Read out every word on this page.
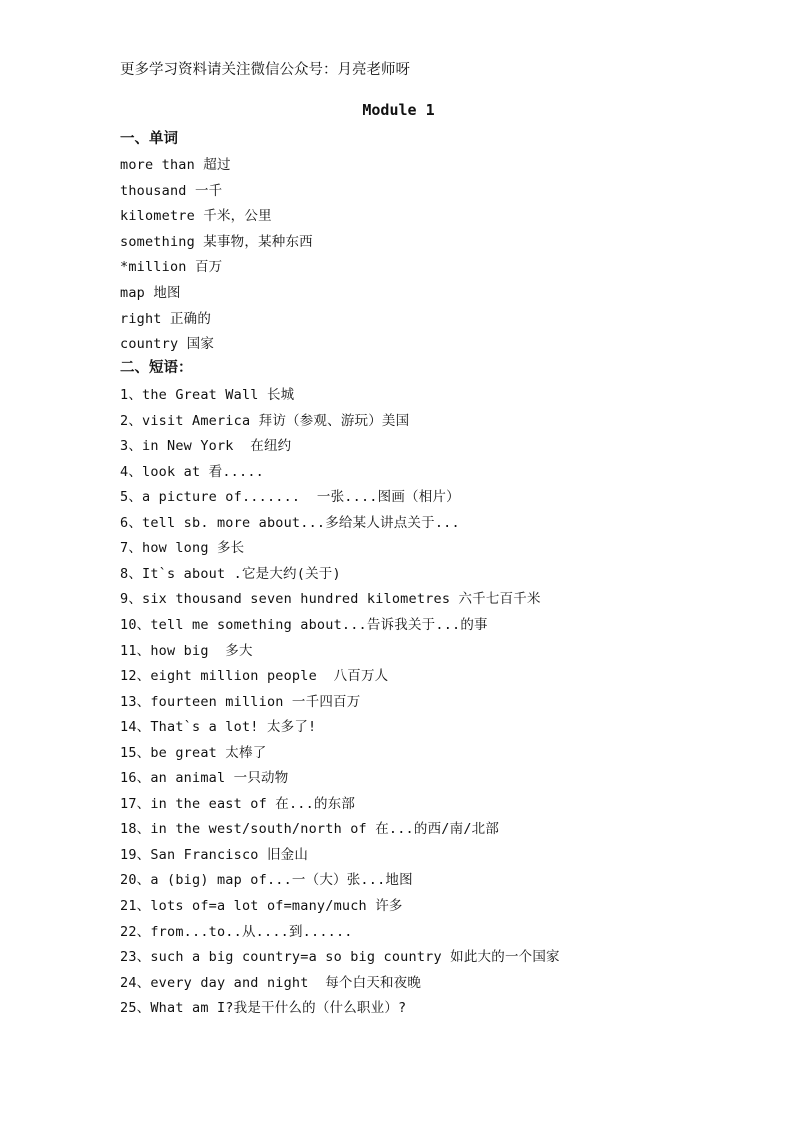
更多学习资料请关注微信公众号：月亮老师呀
Module 1
一、单词
more than 超过
thousand 一千
kilometre 千米，公里
something 某事物，某种东西
*million 百万
map 地图
right 正确的
country 国家
二、短语：
1、the Great Wall 长城
2、visit America 拜访（参观、游玩）美国
3、in New York  在纽约
4、look at 看.....
5、a picture of.......  一张....图画（相片）
6、tell sb. more about...多给某人讲点关于...
7、how long 多长
8、It`s about .它是大约(关于)
9、six thousand seven hundred kilometres 六千七百千米
10、tell me something about...告诉我关于...的事
11、how big  多大
12、eight million people  八百万人
13、fourteen million 一千四百万
14、That`s a lot! 太多了!
15、be great 太棒了
16、an animal 一只动物
17、in the east of 在...的东部
18、in the west/south/north of 在...的西/南/北部
19、San Francisco 旧金山
20、a (big) map of...一（大）张...地图
21、lots of=a lot of=many/much 许多
22、from...to..从....到......
23、such a big country=a so big country 如此大的一个国家
24、every day and night  每个白天和夜晚
25、What am I?我是干什么的（什么职业）?
